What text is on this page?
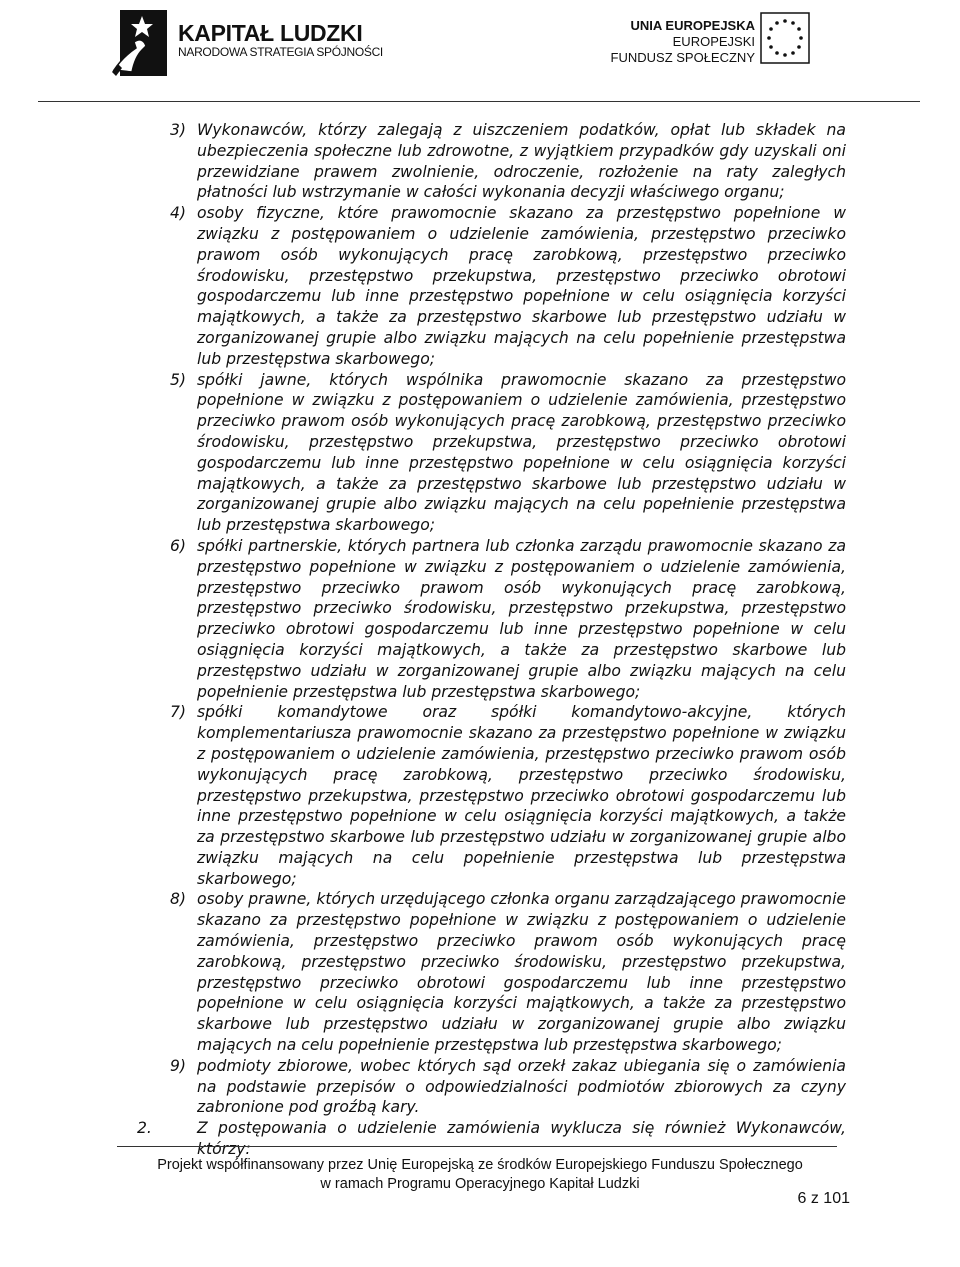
KAPITAŁ LUDZKI
NARODOWA STRATEGIA SPÓJNOŚCI
UNIA EUROPEJSKA
EUROPEJSKI
FUNDUSZ SPOŁECZNY
3) Wykonawców, którzy zalegają z uiszczeniem podatków, opłat lub składek na ubezpieczenia społeczne lub zdrowotne, z wyjątkiem przypadków gdy uzyskali oni przewidziane prawem zwolnienie, odroczenie, rozłożenie na raty zaległych płatności lub wstrzymanie w całości wykonania decyzji właściwego organu;
4) osoby fizyczne, które prawomocnie skazano za przestępstwo popełnione w związku z postępowaniem o udzielenie zamówienia, przestępstwo przeciwko prawom osób wykonujących pracę zarobkową, przestępstwo przeciwko środowisku, przestępstwo przekupstwa, przestępstwo przeciwko obrotowi gospodarczemu lub inne przestępstwo popełnione w celu osiągnięcia korzyści majątkowych, a także za przestępstwo skarbowe lub przestępstwo udziału w zorganizowanej grupie albo związku mających na celu popełnienie przestępstwa lub przestępstwa skarbowego;
5) spółki jawne, których wspólnika prawomocnie skazano za przestępstwo popełnione w związku z postępowaniem o udzielenie zamówienia, przestępstwo przeciwko prawom osób wykonujących pracę zarobkową, przestępstwo przeciwko środowisku, przestępstwo przekupstwa, przestępstwo przeciwko obrotowi gospodarczemu lub inne przestępstwo popełnione w celu osiągnięcia korzyści majątkowych, a także za przestępstwo skarbowe lub przestępstwo udziału w zorganizowanej grupie albo związku mających na celu popełnienie przestępstwa lub przestępstwa skarbowego;
6) spółki partnerskie, których partnera lub członka zarządu prawomocnie skazano za przestępstwo popełnione w związku z postępowaniem o udzielenie zamówienia, przestępstwo przeciwko prawom osób wykonujących pracę zarobkową, przestępstwo przeciwko środowisku, przestępstwo przekupstwa, przestępstwo przeciwko obrotowi gospodarczemu lub inne przestępstwo popełnione w celu osiągnięcia korzyści majątkowych, a także za przestępstwo skarbowe lub przestępstwo udziału w zorganizowanej grupie albo związku mających na celu popełnienie przestępstwa lub przestępstwa skarbowego;
7) spółki komandytowe oraz spółki komandytowo-akcyjne, których komplementariusza prawomocnie skazano za przestępstwo popełnione w związku z postępowaniem o udzielenie zamówienia, przestępstwo przeciwko prawom osób wykonujących pracę zarobkową, przestępstwo przeciwko środowisku, przestępstwo przekupstwa, przestępstwo przeciwko obrotowi gospodarczemu lub inne przestępstwo popełnione w celu osiągnięcia korzyści majątkowych, a także za przestępstwo skarbowe lub przestępstwo udziału w zorganizowanej grupie albo związku mających na celu popełnienie przestępstwa lub przestępstwa skarbowego;
8) osoby prawne, których urzędującego członka organu zarządzającego prawomocnie skazano za przestępstwo popełnione w związku z postępowaniem o udzielenie zamówienia, przestępstwo przeciwko prawom osób wykonujących pracę zarobkową, przestępstwo przeciwko środowisku, przestępstwo przekupstwa, przestępstwo przeciwko obrotowi gospodarczemu lub inne przestępstwo popełnione w celu osiągnięcia korzyści majątkowych, a także za przestępstwo skarbowe lub przestępstwo udziału w zorganizowanej grupie albo związku mających na celu popełnienie przestępstwa lub przestępstwa skarbowego;
9) podmioty zbiorowe, wobec których sąd orzekł zakaz ubiegania się o zamówienia na podstawie przepisów o odpowiedzialności podmiotów zbiorowych za czyny zabronione pod groźbą kary.
2.	Z postępowania o udzielenie zamówienia wyklucza się również Wykonawców, którzy:
Projekt współfinansowany przez Unię Europejską ze środków Europejskiego Funduszu Społecznego
w ramach Programu Operacyjnego Kapitał Ludzki
6 z 101
